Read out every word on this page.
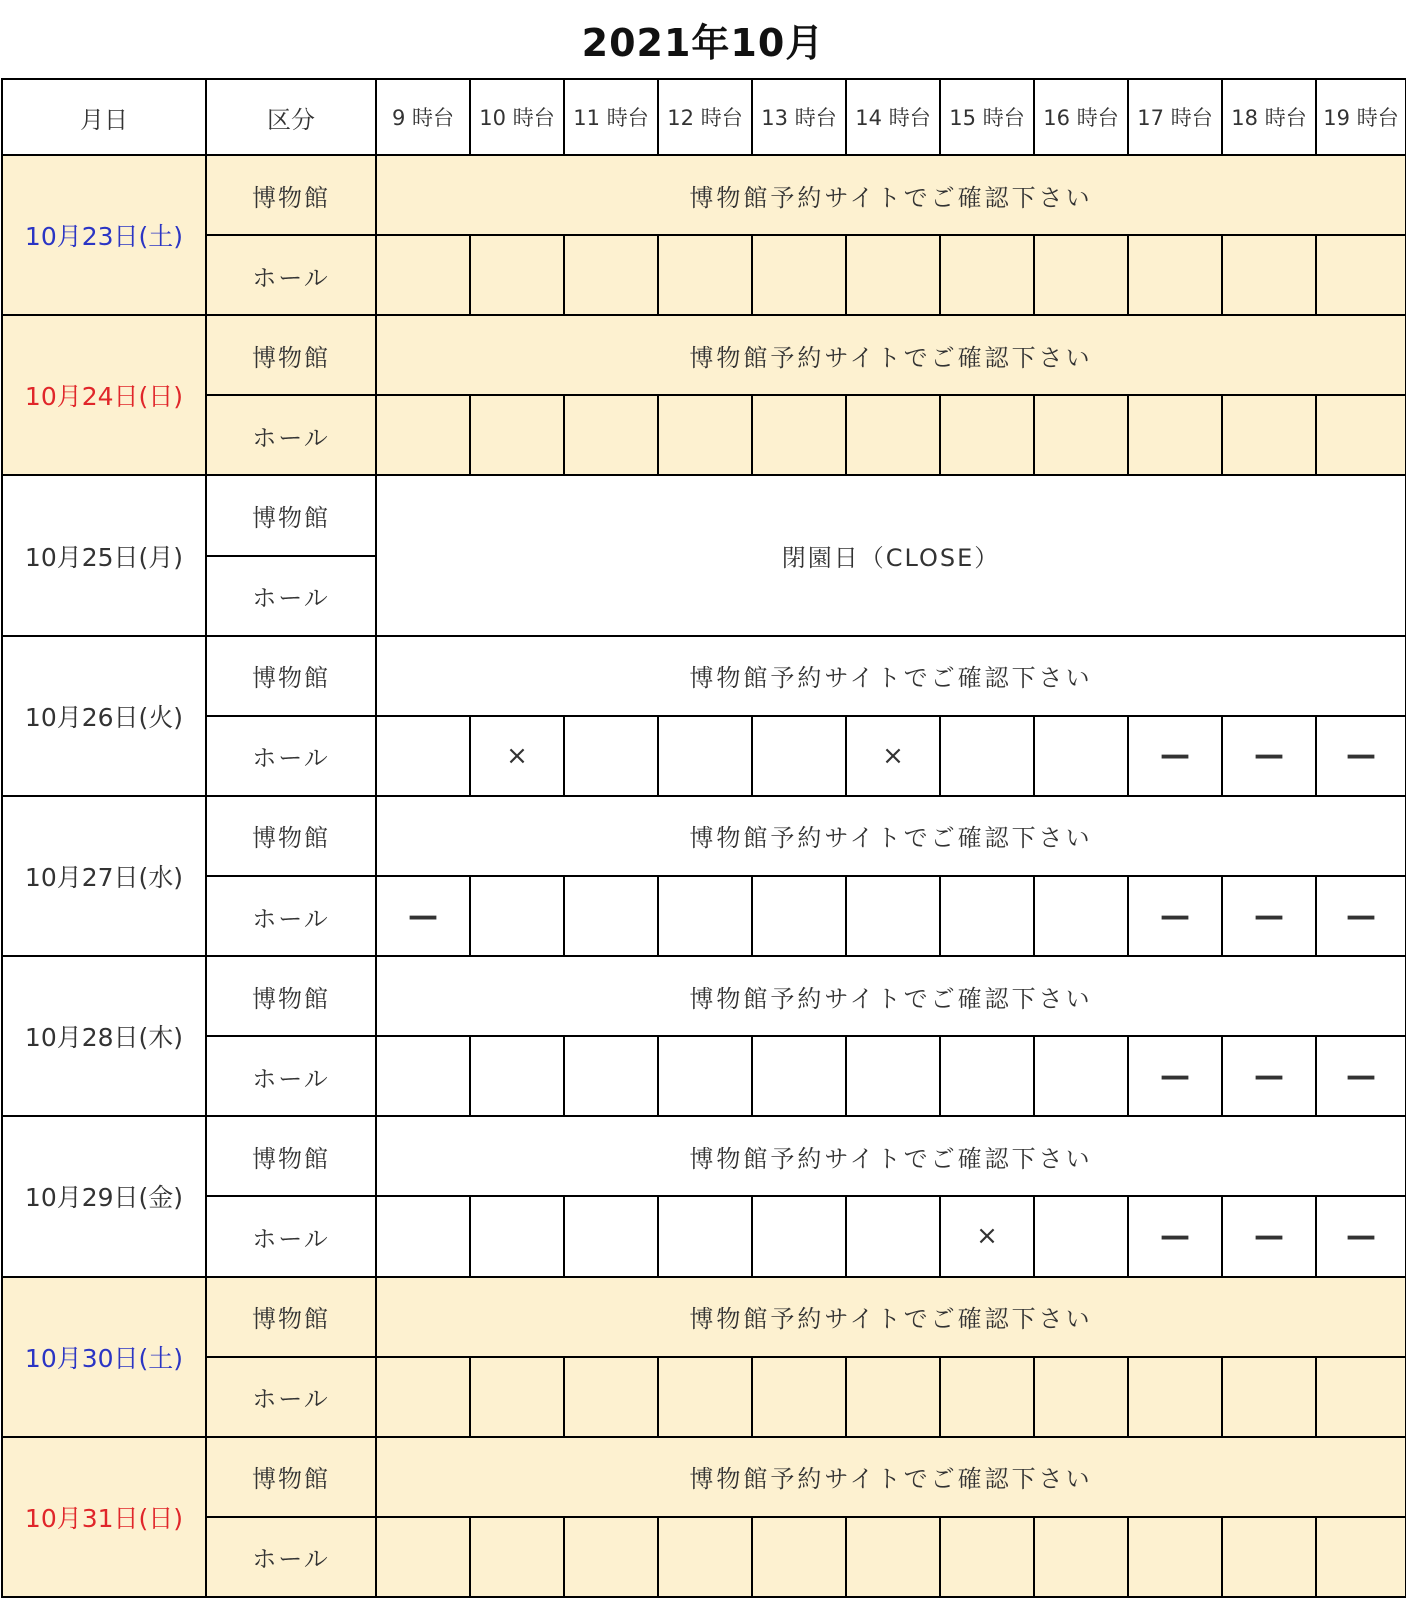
2021年10月
月日	区分	9 時台	10 時台	11 時台	12 時台	13 時台	14 時台	15 時台	16 時台	17 時台	18 時台	19 時台
10月23日(土)	博物館	博物館予約サイトでご確認下さい										
	ホール											
10月24日(日)	博物館	博物館予約サイトでご確認下さい										
	ホール											
10月25日(月)	博物館	閉園日（CLOSE）										
	ホール											
10月26日(火)	博物館	博物館予約サイトでご確認下さい										
	ホール		×				×			—	—	—
10月27日(水)	博物館	博物館予約サイトでご確認下さい										
	ホール	—								—	—	—
10月28日(木)	博物館	博物館予約サイトでご確認下さい										
	ホール									—	—	—
10月29日(金)	博物館	博物館予約サイトでご確認下さい										
	ホール							×		—	—	—
10月30日(土)	博物館	博物館予約サイトでご確認下さい										
	ホール											
10月31日(日)	博物館	博物館予約サイトでご確認下さい										
	ホール											
